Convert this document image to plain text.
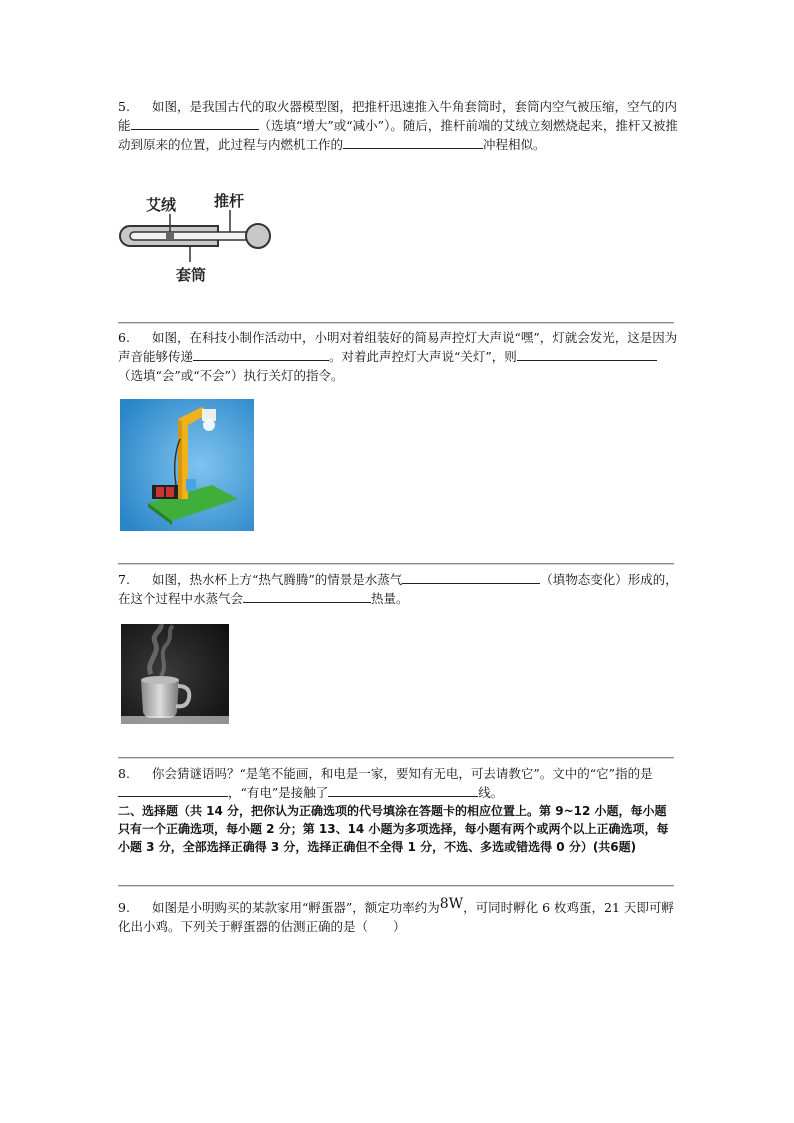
5. 如图，是我国古代的取火器模型图，把推杆迅速推入牛角套筒时，套筒内空气被压缩，空气的内能	（选填“增大”或“减小”）。随后，推杆前端的艾绒立刻燃烧起来，推杆又被推动到原来的位置，此过程与内燃机工作的	冲程相似。
艾绒	推杆
套筒
6. 如图，在科技小制作活动中，小明对着组装好的简易声控灯大声说“嘿”，灯就会发光，这是因为声音能够传递	。对着此声控灯大声说“关灯”，则（选填“会”或“不会”）执行关灯的指令。
7. 如图，热水杯上方“热气腾腾”的情景是水蒸气	（填物态变化）形成的，在这个过程中水蒸气会	热量。
8. 你会猜谜语吗？“是笔不能画，和电是一家，要知有无电，可去请教它”。文中的“它”指的是，“有电”是接触了	线。
二、选择题（共 14 分，把你认为正确选项的代号填涂在答题卡的相应位置上。第 9~12 小题，每小题只有一个正确选项，每小题 2 分；第 13、14 小题为多项选择，每小题有两个或两个以上正确选项，每小题 3 分，全部选择正确得 3 分，选择正确但不全得 1 分，不选、多选或错选得 0 分）(共6题)
9. 如图是小明购买的某款家用“孵蛋器”，额定功率约为8W，可同时孵化 6 枚鸡蛋，21 天即可孵化出小鸡。下列关于孵蛋器的估测正确的是（　　）
